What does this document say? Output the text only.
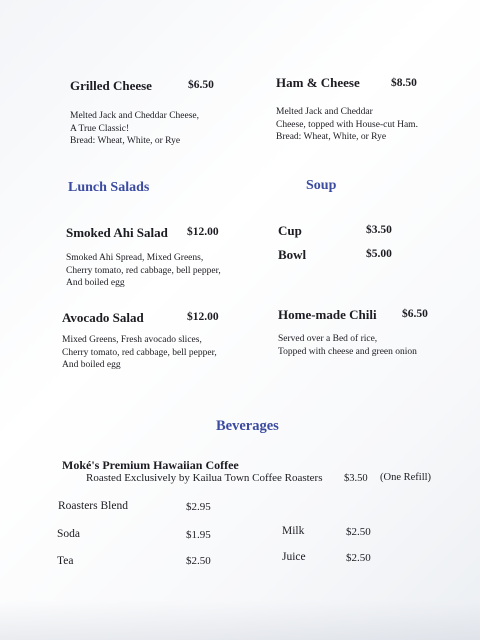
Grilled Cheese	$6.50
Melted Jack and Cheddar Cheese,
A True Classic!
Bread: Wheat, White, or Rye
Ham & Cheese	$8.50
Melted Jack and Cheddar
Cheese, topped with House-cut Ham.
Bread: Wheat, White, or Rye
Lunch Salads	Soup
Smoked Ahi Salad $12.00
Smoked Ahi Spread, Mixed Greens,
Cherry tomato, red cabbage, bell pepper,
And boiled egg
Cup	$3.50
Bowl	$5.00
Avocado Salad	$12.00
Mixed Greens, Fresh avocado slices,
Cherry tomato, red cabbage, bell pepper,
And boiled egg
Home-made Chili $6.50
Served over a Bed of rice,
Topped with cheese and green onion
Beverages
Moké's Premium Hawaiian Coffee
Roasted Exclusively by Kailua Town Coffee Roasters $3.50 (One Refill)
Roasters Blend	$2.95
Soda	$1.95
Tea	$2.50
Milk	$2.50
Juice	$2.50
